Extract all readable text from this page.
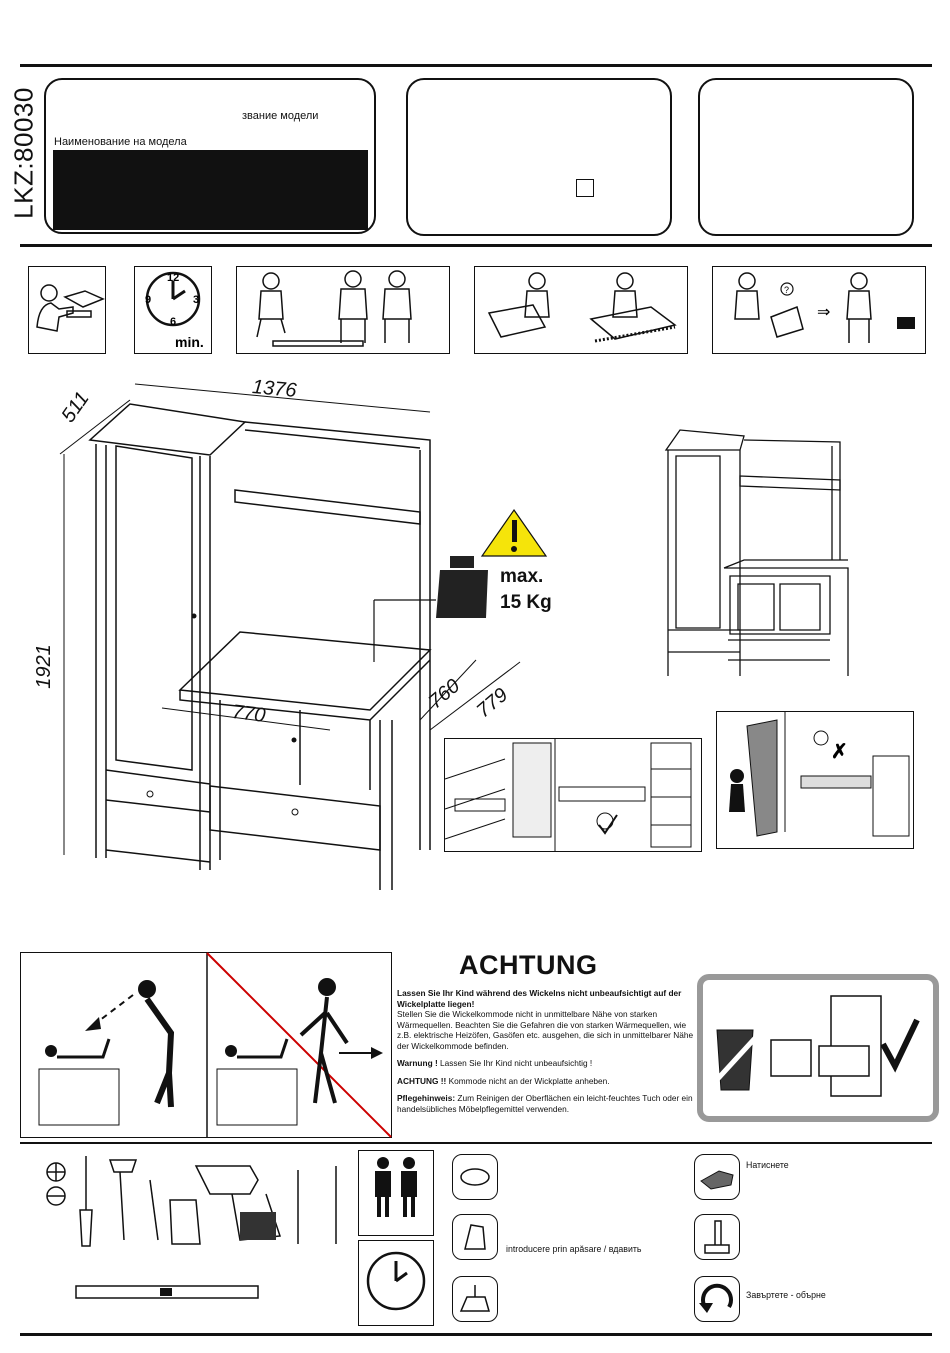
LKZ:80030	звание модели
Наименование на модела
12
3
6
9
min.
?
⇒
1376
511
1921
770
760 779
max.
15 Kg
✗
ACHTUNG

Lassen Sie Ihr Kind während des Wickelns nicht unbeaufsichtigt auf der Wickelplatte liegen!
Stellen Sie die Wickelkommode nicht in unmittelbare Nähe von starken Wärmequellen. Beachten Sie die Gefahren die von starken Wärmequellen, wie z.B. elektrische Heizöfen, Gasöfen etc. ausgehen, die sich in unmittelbarer Nähe der Wickelkommode befinden.

Warnung ! Lassen Sie Ihr Kind nicht unbeaufsichtig !

ACHTUNG !! Kommode nicht an der Wickplatte anheben.

Pflegehinweis: Zum Reinigen der Oberflächen ein leicht-feuchtes Tuch oder ein handelsübliches Möbelpflegemittel verwenden.

introducere prin apăsare / вдавить
Натиснете
Завъртете - обърне
